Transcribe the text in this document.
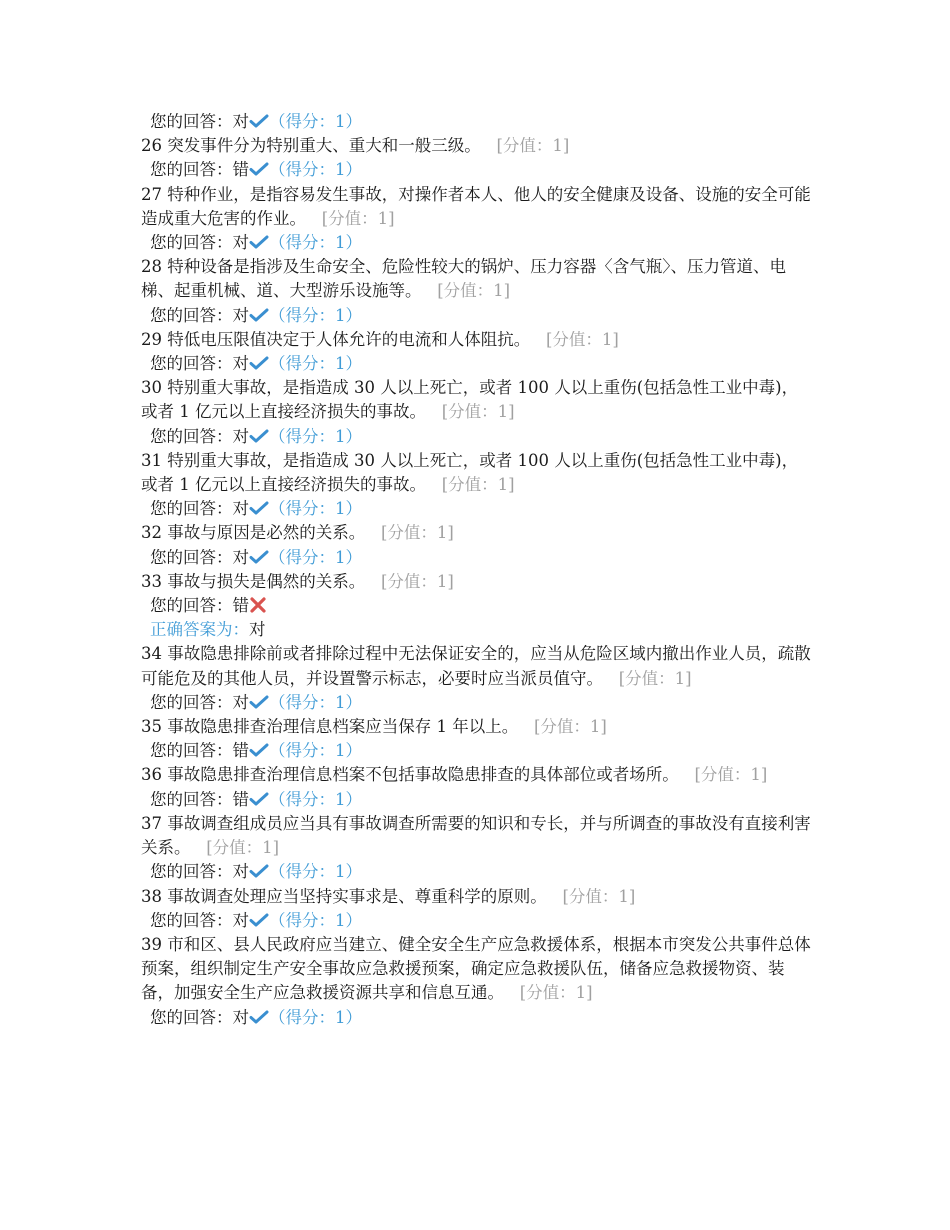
您的回答：对 （得分：1）

26 突发事件分为特别重大、重大和一般三级。 [分值：1]

您的回答：错 （得分：1）

27 特种作业，是指容易发生事故，对操作者本人、他人的安全健康及设备、设施的安全可能造成重大危害的作业。 [分值：1]

您的回答：对 （得分：1）

28 特种设备是指涉及生命安全、危险性较大的锅炉、压力容器〈含气瓶〉、压力管道、电梯、起重机械、道、大型游乐设施等。 [分值：1]

您的回答：对 （得分：1）

29 特低电压限值决定于人体允许的电流和人体阻抗。 [分值：1]

您的回答：对 （得分：1）

30 特别重大事故，是指造成 30 人以上死亡，或者 100 人以上重伤(包括急性工业中毒)，或者 1 亿元以上直接经济损失的事故。 [分值：1]

您的回答：对 （得分：1）

31 特别重大事故，是指造成 30 人以上死亡，或者 100 人以上重伤(包括急性工业中毒)，或者 1 亿元以上直接经济损失的事故。 [分值：1]

您的回答：对 （得分：1）

32 事故与原因是必然的关系。 [分值：1]

您的回答：对 （得分：1）

33 事故与损失是偶然的关系。 [分值：1]

您的回答：错

正确答案为：对

34 事故隐患排除前或者排除过程中无法保证安全的，应当从危险区域内撤出作业人员，疏散可能危及的其他人员，并设置警示标志，必要时应当派员值守。 [分值：1]

您的回答：对 （得分：1）

35 事故隐患排查治理信息档案应当保存 1 年以上。 [分值：1]

您的回答：错 （得分：1）

36 事故隐患排查治理信息档案不包括事故隐患排查的具体部位或者场所。 [分值：1]

您的回答：错 （得分：1）

37 事故调查组成员应当具有事故调查所需要的知识和专长，并与所调查的事故没有直接利害关系。 [分值：1]

您的回答：对 （得分：1）

38 事故调查处理应当坚持实事求是、尊重科学的原则。 [分值：1]

您的回答：对 （得分：1）

39 市和区、县人民政府应当建立、健全安全生产应急救援体系，根据本市突发公共事件总体预案，组织制定生产安全事故应急救援预案，确定应急救援队伍，储备应急救援物资、装备，加强安全生产应急救援资源共享和信息互通。 [分值：1]

您的回答：对 （得分：1）
